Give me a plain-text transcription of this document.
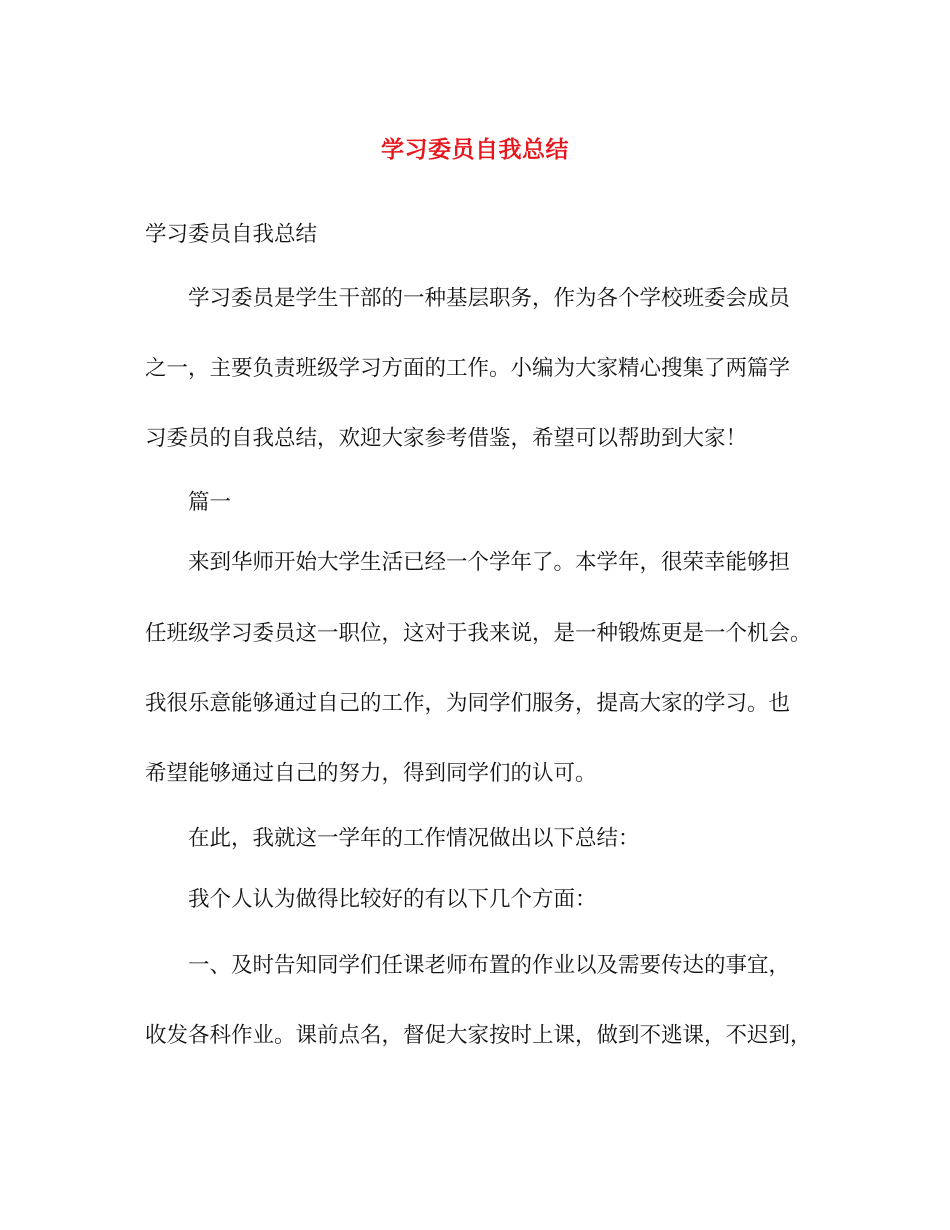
学习委员自我总结
学习委员自我总结
学习委员是学生干部的一种基层职务，作为各个学校班委会成员
之一，主要负责班级学习方面的工作。小编为大家精心搜集了两篇学
习委员的自我总结，欢迎大家参考借鉴，希望可以帮助到大家！
篇一
来到华师开始大学生活已经一个学年了。本学年，很荣幸能够担
任班级学习委员这一职位，这对于我来说，是一种锻炼更是一个机会。
我很乐意能够通过自己的工作，为同学们服务，提高大家的学习。也
希望能够通过自己的努力，得到同学们的认可。
在此，我就这一学年的工作情况做出以下总结：
我个人认为做得比较好的有以下几个方面：
一、及时告知同学们任课老师布置的作业以及需要传达的事宜，
收发各科作业。课前点名，督促大家按时上课，做到不逃课，不迟到，
